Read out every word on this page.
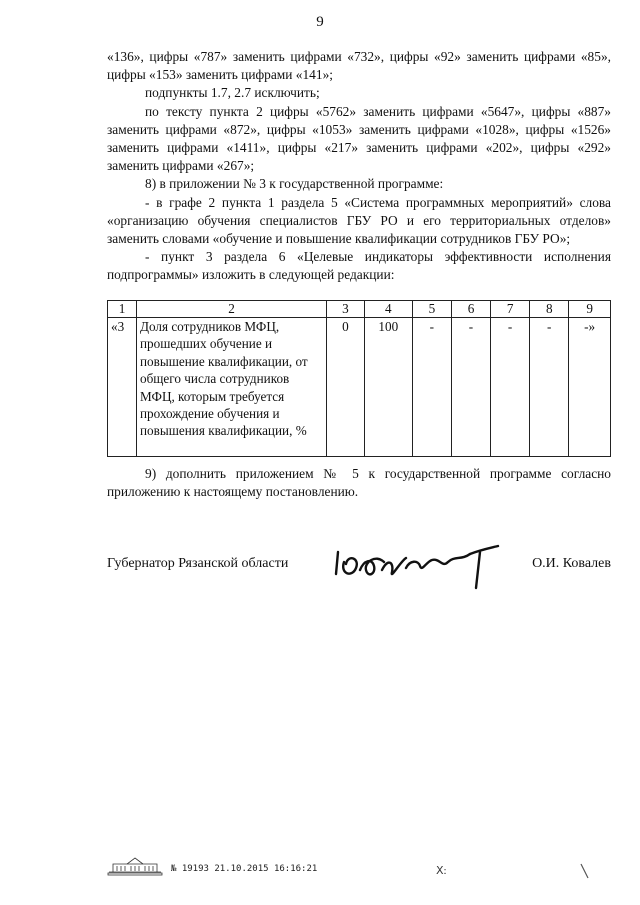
9

«136», цифры «787» заменить цифрами «732», цифры «92» заменить цифрами «85», цифры «153» заменить цифрами «141»;

подпункты 1.7, 2.7 исключить;

по тексту пункта 2 цифры «5762» заменить цифрами «5647», цифры «887» заменить цифрами «872», цифры «1053» заменить цифрами «1028», цифры «1526» заменить цифрами «1411», цифры «217» заменить цифрами «202», цифры «292» заменить цифрами «267»;

8) в приложении № 3 к государственной программе:

- в графе 2 пункта 1 раздела 5 «Система программных мероприятий» слова «организацию обучения специалистов ГБУ РО и его территориальных отделов» заменить словами «обучение и повышение квалификации сотрудников ГБУ РО»;

- пункт 3 раздела 6 «Целевые индикаторы эффективности исполнения подпрограммы» изложить в следующей редакции:

1	2	3	4	5	6	7	8	9
«3	Доля сотрудников МФЦ, прошедших обучение и повышение квалификации, от общего числа сотрудников МФЦ, которым требуется прохождение обучения и повышения квалификации, %	0	100	-	-	-	-	-»

9) дополнить приложением № 5 к государственной программе согласно приложению к настоящему постановлению.

Губернатор Рязанской области	О.И. Ковалев
№ 19193 21.10.2015 16:16:21	ꓫ:
